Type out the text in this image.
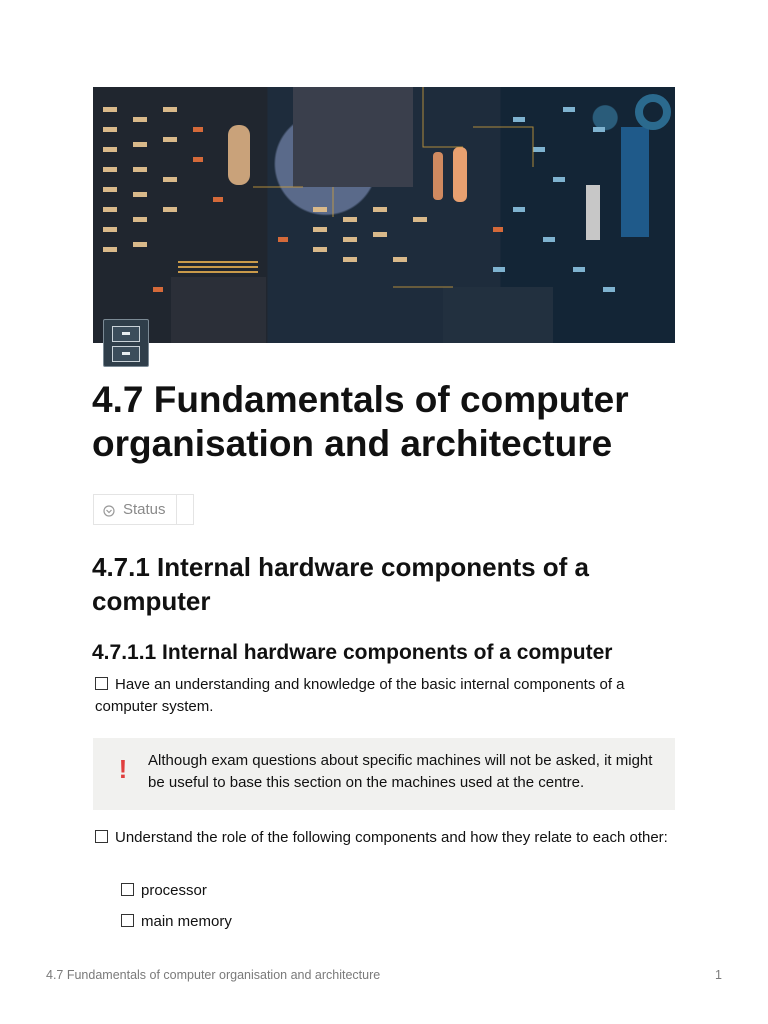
4.7 Fundamentals of computer organisation and architecture
Status
4.7.1 Internal hardware components of a computer
4.7.1.1 Internal hardware components of a computer
Have an understanding and knowledge of the basic internal components of a computer system.
!	Although exam questions about specific machines will not be asked, it might be useful to base this section on the machines used at the centre.
Understand the role of the following components and how they relate to each other:
processor
main memory
4.7 Fundamentals of computer organisation and architecture	1
